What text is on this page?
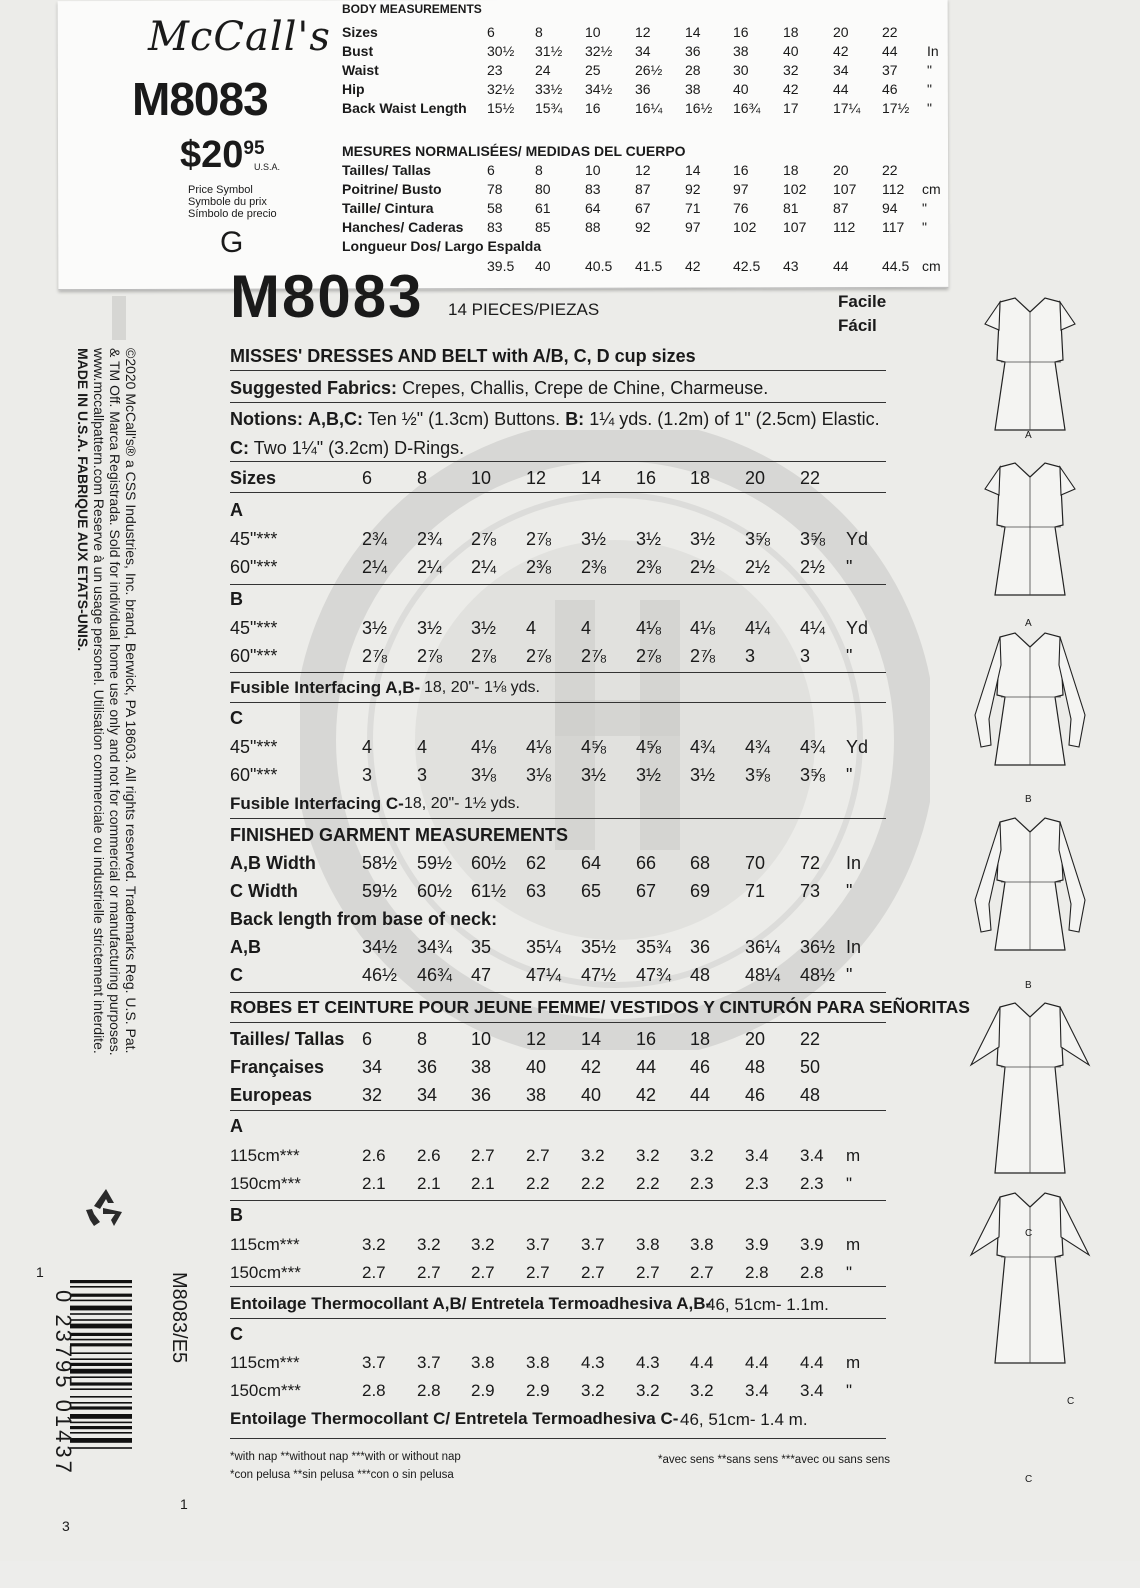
McCall's
M8083
$\$20^{95}$
U.S.A.
Price Symbol
Symbole du prix
Símbolo de precio
G
BODY MEASUREMENTS
Sizes	6	8	10 12 14 16 18 20 22
Bust	30½ 31½ 32½ 34 36 38 40 42 44 In
Waist	23 24 25 26½ 28 30 32 34 37 "
Hip	32½ 33½ 34½ 36 38 40 42 44 46 "
Back Waist Length 15½ 15¾ 16 16¼ 16½ 16¾ 17 17¼ 17½ "
MESURES NORMALISÉES/ MEDIDAS DEL CUERPO
Tailles/ Tallas	6	8	10 12 14 16 18 20 22
Poitrine/ Busto	78 80 83 87 92 97 102 107 112 cm
Taille/ Cintura	58 61 64 67 71 76 81 87 94 "
Hanches/ Caderas 83 85 88 92 97 102 107 112 117 "
Longueur Dos/ Largo Espalda
39.5 40 40.5 41.5 42 42.5 43 44 44.5 cm
M8083 14 PIECES/PIEZAS	Facile
Fácil
MISSES' DRESSES AND BELT with A/B, C, D cup sizes
Suggested Fabrics: Crepes, Challis, Crepe de Chine, Charmeuse.
Notions: A,B,C: Ten ½" (1.3cm) Buttons. B: 1¼ yds. (1.2m) of 1" (2.5cm) Elastic.
C: Two 1¼" (3.2cm) D-Rings.
Sizes	6 8 10 12 14 16 18 20 22
A
45"***	2¾ 2¾ 2⅞ 2⅞ 3½ 3½ 3½ 3⅝ 3⅝ Yd
60"***	2¼ 2¼ 2¼ 2⅜ 2⅜ 2⅜ 2½ 2½ 2½ "
B
45"***	3½ 3½ 3½ 4 4 4⅛ 4⅛ 4¼ 4¼ Yd
60"***	2⅞ 2⅞ 2⅞ 2⅞ 2⅞ 2⅞ 2⅞ 3 3 "
Fusible Interfacing A,B- 18, 20"- 1⅛ yds.
C
45"***	4 4 4⅛ 4⅛ 4⅝ 4⅝ 4¾ 4¾ 4¾ Yd
60"***	3 3 3⅛ 3⅛ 3½ 3½ 3½ 3⅝ 3⅝ "
Fusible Interfacing C- 18, 20"- 1½ yds.
FINISHED GARMENT MEASUREMENTS
A,B Width	58½ 59½ 60½ 62 64 66 68 70 72 In
C Width	59½ 60½ 61½ 63 65 67 69 71 73 "
Back length from base of neck:
A,B	34½ 34¾ 35 35¼ 35½ 35¾ 36 36¼ 36½ In
C	46½ 46¾ 47 47¼ 47½ 47¾ 48 48¼ 48½ "
ROBES ET CEINTURE POUR JEUNE FEMME/ VESTIDOS Y CINTURÓN PARA SEÑORITAS
Tailles/ Tallas 6 8 10 12 14 16 18 20 22
Françaises 34 36 38 40 42 44 46 48 50
Europeas	32 34 36 38 40 42 44 46 48
A
115cm***	2.6 2.6 2.7 2.7 3.2 3.2 3.2 3.4 3.4 m
150cm***	2.1 2.1 2.1 2.2 2.2 2.2 2.3 2.3 2.3 "
B
115cm***	3.2 3.2 3.2 3.7 3.7 3.8 3.8 3.9 3.9 m
150cm***	2.7 2.7 2.7 2.7 2.7 2.7 2.7 2.8 2.8 "
Entoilage Thermocollant A,B/ Entretela Termoadhesiva A,B-
46, 51cm- 1.1m.
C
115cm***	3.7 3.7 3.8 3.8 4.3 4.3 4.4 4.4 4.4 m
150cm***	2.8 2.8 2.9 2.9 3.2 3.2 3.2 3.4 3.4 "
Entoilage Thermocollant C/ Entretela Termoadhesiva C- 46, 51cm- 1.4 m.
*with nap **without nap ***with or without nap
*con pelusa **sin pelusa ***con o sin pelusa
*avec sens **sans sens ***avec ou sans sens
©2020 McCall's® a CSS Industries, Inc. brand, Berwick, PA 18603. All rights reserved. Trademarks Reg. U.S. Pat.
& TM Off. Marca Registrada. Sold for individual home use only and not for commercial or manufacturing purposes.
www.mccallpattern.com Reserve à un usage personel. Utilisation commerciale ou industrielle strictement interdite.
MADE IN U.S.A. FABRIQUE AUX ETATS-UNIS.
M8083/E5
0 23795 01437
1
1
3
A
A
B
B
C
C
C
